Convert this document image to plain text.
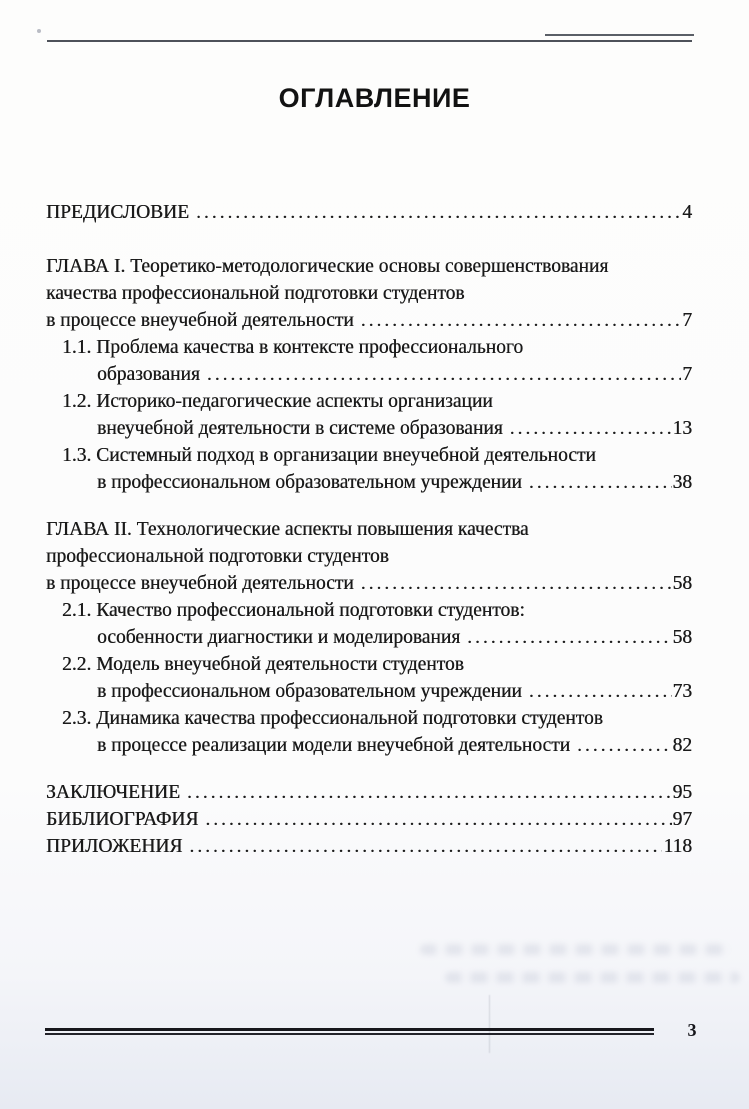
ОГЛАВЛЕНИЕ
ПРЕДИСЛОВИЕ .....	4
ГЛАВА I. Теоретико-методологические основы совершенствования
качества профессиональной подготовки студентов
в процессе внеучебной деятельности .....	7
1.1. Проблема качества в контексте профессионального
образования .....	7
1.2. Историко-педагогические аспекты организации
внеучебной деятельности в системе образования .....	13
1.3. Системный подход в организации внеучебной деятельности
в профессиональном образовательном учреждении .....	38
ГЛАВА II. Технологические аспекты повышения качества
профессиональной подготовки студентов
в процессе внеучебной деятельности .....	58
2.1. Качество профессиональной подготовки студентов:
особенности диагностики и моделирования .....	58
2.2. Модель внеучебной деятельности студентов
в профессиональном образовательном учреждении .....	73
2.3. Динамика качества профессиональной подготовки студентов
в процессе реализации модели внеучебной деятельности .....	82
ЗАКЛЮЧЕНИЕ .....	95
БИБЛИОГРАФИЯ .....	97
ПРИЛОЖЕНИЯ .....	118
3
